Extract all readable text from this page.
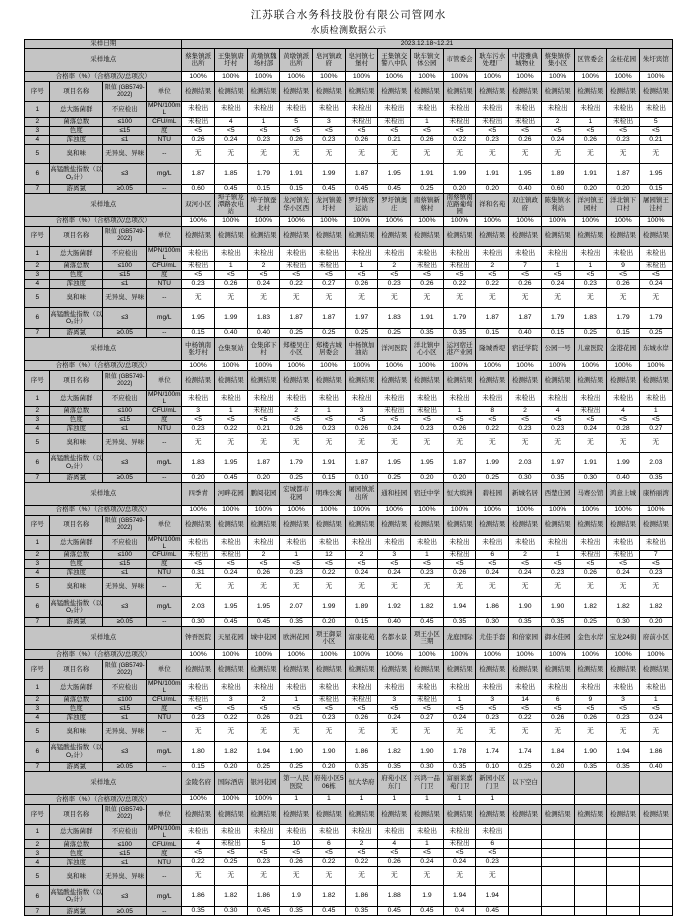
江苏联合水务科技股份有限公司管网水
水质检测数据公示
采样日期				2023.12.18~12.21														
采样地点				蔡集镇派出所	王集镇唐圩村	黄墩镇魏场村部	黄墩镇派出所	皂河镇政府	皂河镇七堡村	王集镇交警八中队	耿车镇文体公园	市管委会	耿车污水处理厂	中港雅典城物业	蔡集镇侨集小区	区管委会	金桂花园	朱圩宾馆
合格率（%）（合格项次/总项次）				100%	100%	100%	100%	100%	100%	100%	100%	100%	100%	100%	100%	100%	100%	100%
序号	项目名称	限值 (GB5749-2022)	单位	检测结果	检测结果	检测结果	检测结果	检测结果	检测结果	检测结果	检测结果	检测结果	检测结果	检测结果	检测结果	检测结果	检测结果	检测结果
1	总大肠菌群	不应检出	MPN/100mL	未检出	未检出	未检出	未检出	未检出	未检出	未检出	未检出	未检出	未检出	未检出	未检出	未检出	未检出	未检出
2	菌落总数	≤100	CFU/mL	未检出	4	1	5	3	未检出	未检出	1	未检出	未检出	未检出	2	1	未检出	5
3	色度	≤15	度	<5	<5	<5	<5	<5	<5	<5	<5	<5	<5	<5	<5	<5	<5	<5
4	浑浊度	≤1	NTU	0.26	0.24	0.23	0.26	0.23	0.26	0.21	0.26	0.22	0.23	0.26	0.24	0.26	0.23	0.21
5	臭和味	无异臭、异味	--	无	无	无	无	无	无	无	无	无	无	无	无	无	无	无
6	高锰酸盐指数（以O₂计）	≤3	mg/L	1.87	1.85	1.79	1.91	1.99	1.87	1.95	1.91	1.99	1.91	1.95	1.89	1.91	1.87	1.95
7	游离氯	≥0.05	--	0.60	0.45	0.15	0.15	0.45	0.45	0.45	0.25	0.20	0.20	0.40	0.60	0.20	0.20	0.15
采样地点				双河小区	埠子镇龙潭路农电站	埠子镇蚕北村	龙河镇光华小区西	龙河镇姜圩村	罗圩镇客运站	罗圩镇奥庄	南蔡镇新蔡村	南蔡镇南范路葡萄园	祥和名苑	双庄镇政府	陈集镇水利站	洋河镇王园村	洋北镇下口村	屠园镇王洼村
合格率（%）（合格项次/总项次）				100%	100%	100%	100%	100%	100%	100%	100%	100%	100%	100%	100%	100%	100%	100%
序号	项目名称	限值 (GB5749-2022)	单位	检测结果	检测结果	检测结果	检测结果	检测结果	检测结果	检测结果	检测结果	检测结果	检测结果	检测结果	检测结果	检测结果	检测结果	检测结果
1	总大肠菌群	不应检出	MPN/100mL	未检出	未检出	未检出	未检出	未检出	未检出	未检出	未检出	未检出	未检出	未检出	未检出	未检出	未检出	未检出
2	菌落总数	≤100	CFU/mL	未检出	1	2	未检出	未检出	1	2	未检出	未检出	2	7	1	1	9	未检出
3	色度	≤15	度	<5	<5	<5	<5	<5	<5	<5	<5	<5	<5	<5	<5	<5	<5	<5
4	浑浊度	≤1	NTU	0.23	0.26	0.24	0.22	0.27	0.26	0.23	0.26	0.22	0.22	0.26	0.24	0.23	0.26	0.24
5	臭和味	无异臭、异味	--	无	无	无	无	无	无	无	无	无	无	无	无	无	无	无
6	高锰酸盐指数（以O₂计）	≤3	mg/L	1.95	1.99	1.83	1.87	1.87	1.97	1.83	1.91	1.79	1.87	1.87	1.79	1.83	1.79	1.79
7	游离氯	≥0.05	--	0.15	0.40	0.40	0.25	0.25	0.25	0.25	0.35	0.35	0.15	0.40	0.15	0.25	0.15	0.25
采样地点				中杨镇南张圩村	仓集泵站	仓集邱下村	郑楼吴庄小区	郑楼古城居委会	中杨镇加油站	洋河医院	洋北镇中心小区	运河宿迁港产业园	隆城香堤	宿迁学院	公园一号	儿童医院	金港花园	东城水岸
合格率（%）（合格项次/总项次）				100%	100%	100%	100%	100%	100%	100%	100%	100%	100%	100%	100%	100%	100%	100%
序号	项目名称	限值 (GB5749-2022)	单位	检测结果	检测结果	检测结果	检测结果	检测结果	检测结果	检测结果	检测结果	检测结果	检测结果	检测结果	检测结果	检测结果	检测结果	检测结果
1	总大肠菌群	不应检出	MPN/100mL	未检出	未检出	未检出	未检出	未检出	未检出	未检出	未检出	未检出	未检出	未检出	未检出	未检出	未检出	未检出
2	菌落总数	≤100	CFU/mL	3	1	未检出	2	1	3	未检出	未检出	1	8	2	4	未检出	4	1
3	色度	≤15	度	<5	<5	<5	<5	<5	<5	<5	<5	<5	<5	<5	<5	<5	<5	<5
4	浑浊度	≤1	NTU	0.23	0.22	0.21	0.26	0.23	0.26	0.24	0.23	0.26	0.22	0.23	0.23	0.24	0.28	0.27
5	臭和味	无异臭、异味	--	无	无	无	无	无	无	无	无	无	无	无	无	无	无	无
6	高锰酸盐指数（以O₂计）	≤3	mg/L	1.83	1.95	1.87	1.79	1.91	1.87	1.95	1.95	1.87	1.99	2.03	1.97	1.91	1.99	2.03
7	游离氯	≥0.05	--	0.20	0.45	0.20	0.25	0.15	0.10	0.25	0.20	0.20	0.25	0.30	0.35	0.30	0.40	0.35
采样地点				四季青	河畔花园	鹏阅花园	宏城都市花园	明珠公寓	屠园镇派出所	通和桂园	宿迁中学	恒大缤洲	碧桂园	新城名居	西楚庄园	马赛公馆	鸿意上城	康桥丽湾
合格率（%）（合格项次/总项次）				100%	100%	100%	100%	100%	100%	100%	100%	100%	100%	100%	100%	100%	100%	100%
序号	项目名称	限值 (GB5749-2022)	单位	检测结果	检测结果	检测结果	检测结果	检测结果	检测结果	检测结果	检测结果	检测结果	检测结果	检测结果	检测结果	检测结果	检测结果	检测结果
1	总大肠菌群	不应检出	MPN/100mL	未检出	未检出	未检出	未检出	未检出	未检出	未检出	未检出	未检出	未检出	未检出	未检出	未检出	未检出	未检出
2	菌落总数	≤100	CFU/mL	未检出	未检出	2	1	12	2	3	1	未检出	6	2	1	未检出	未检出	7
3	色度	≤15	度	<5	<5	<5	<5	<5	<5	<5	<5	<5	<5	<5	<5	<5	<5	<5
4	浑浊度	≤1	NTU	0.31	0.24	0.26	0.23	0.22	0.24	0.24	0.23	0.26	0.24	0.24	0.23	0.26	0.24	0.23
5	臭和味	无异臭、异味	--	无	无	无	无	无	无	无	无	无	无	无	无	无	无	无
6	高锰酸盐指数（以O₂计）	≤3	mg/L	2.03	1.95	1.95	2.07	1.99	1.89	1.92	1.82	1.94	1.86	1.90	1.90	1.82	1.82	1.82
7	游离氯	≥0.05	--	0.30	0.45	0.45	0.35	0.20	0.15	0.40	0.45	0.35	0.30	0.35	0.35	0.25	0.30	0.20
采样地点				钟吾医院	天星花园	城中花园	欧洲花园	项王御景小区	富康花苑	名都水景	项王小区三期	龙庭国际	尤佳手套	和倍家园	御水佳园	金色水岸	宝龙24街	府前小区
合格率（%）（合格项次/总项次）				100%	100%	100%	100%	100%	100%	100%	100%	100%	100%	100%	100%	100%	100%	100%
序号	项目名称	限值 (GB5749-2022)	单位	检测结果	检测结果	检测结果	检测结果	检测结果	检测结果	检测结果	检测结果	检测结果	检测结果	检测结果	检测结果	检测结果	检测结果	检测结果
1	总大肠菌群	不应检出	MPN/100mL	未检出	未检出	未检出	未检出	未检出	未检出	未检出	未检出	未检出	未检出	未检出	未检出	未检出	未检出	未检出
2	菌落总数	≤100	CFU/mL	未检出	3	2	1	未检出	未检出	3	未检出	1	3	14	6	9	3	1
3	色度	≤15	度	<5	<5	<5	<5	<5	<5	<5	<5	<5	<5	<5	<5	<5	<5	<5
4	浑浊度	≤1	NTU	0.23	0.22	0.26	0.21	0.23	0.26	0.24	0.27	0.24	0.23	0.22	0.26	0.26	0.23	0.24
5	臭和味	无异臭、异味	--	无	无	无	无	无	无	无	无	无	无	无	无	无	无	无
6	高锰酸盐指数（以O₂计）	≤3	mg/L	1.80	1.82	1.94	1.90	1.90	1.86	1.82	1.90	1.78	1.74	1.74	1.84	1.90	1.94	1.86
7	游离氯	≥0.05	--	0.15	0.20	0.25	0.25	0.20	0.35	0.35	0.30	0.35	0.10	0.25	0.20	0.35	0.35	0.40
采样地点				金陵名府	国际酒店	银河花园	第一人民医院	府苑小区506栋	恒大华府	府苑小区东门	兴鸿一品门卫	富丽莱嘉苑门卫	新园小区门卫	以下空白				
合格率（%）（合格项次/总项次）				100%	100%	100%	1	1	1	1	1	1	1					
序号	项目名称	限值 (GB5749-2022)	单位	检测结果	检测结果	检测结果	检测结果	检测结果	检测结果	检测结果	检测结果	检测结果	检测结果	检测结果	检测结果	检测结果	检测结果	检测结果
1	总大肠菌群	不应检出	MPN/100mL	未检出	未检出	未检出	未检出	未检出	未检出	未检出	未检出	未检出	未检出					
2	菌落总数	≤100	CFU/mL	4	未检出	5	10	6	2	4	1	未检出	6					
3	色度	≤15	度	<5	<5	<5	<5	<5	<5	<5	<5	<5	<5					
4	浑浊度	≤1	NTU	0.22	0.25	0.23	0.26	0.22	0.22	0.26	0.24	0.24	0.23					
5	臭和味	无异臭、异味	--	无	无	无	无	无	无	无	无	无	无					
6	高锰酸盐指数（以O₂计）	≤3	mg/L	1.86	1.82	1.86	1.9	1.82	1.86	1.88	1.9	1.94	1.94					
7	游离氯	≥0.05	--	0.35	0.30	0.45	0.35	0.45	0.35	0.45	0.45	0.4	0.45					
